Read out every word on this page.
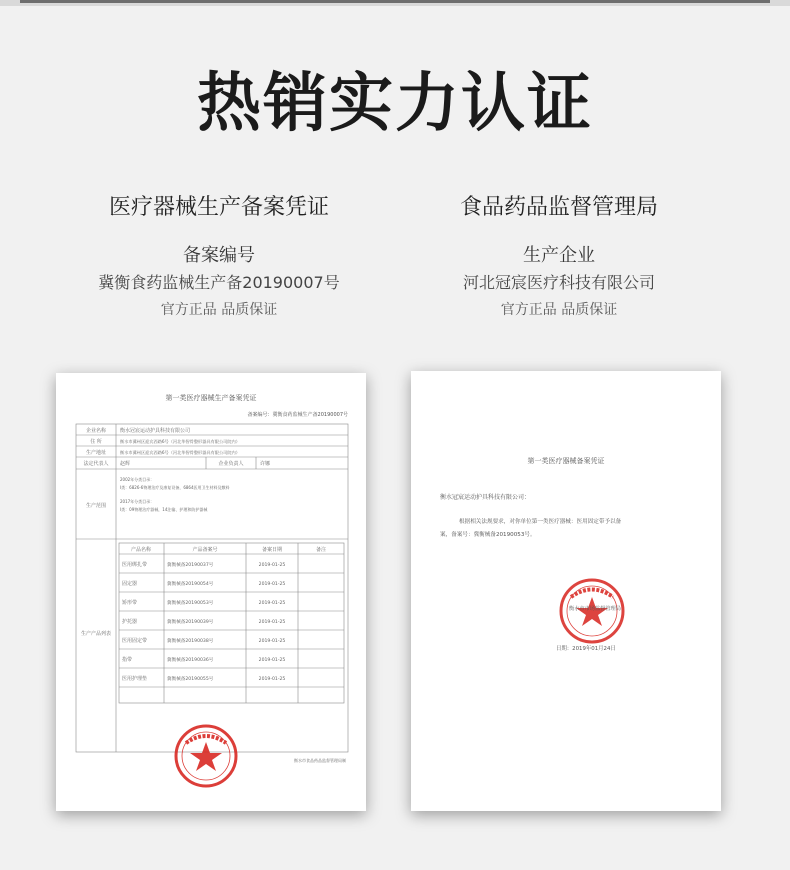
热销实力认证
医疗器械生产备案凭证
备案编号
冀衡食药监械生产备20190007号
官方正品 品质保证
食品药品监督管理局
生产企业
河北冠宸医疗科技有限公司
官方正品 品质保证
第一类医疗器械生产备案凭证
备案编号：冀衡食药监械生产备20190007号
企业名称	衡水冠宸运动护具科技有限公司
住 所	衡水市冀州区迎宾西路6号（河北华智骨整形器具有限公司院内）
生产地址	衡水市冀州区迎宾西路6号（河北华智骨整形器具有限公司院内）
法定代表人 赵辉	企业负责人	许娜
生产范围
2002年分类目录：
Ⅰ类：6826-6物理治疗及康复设备，6864医用卫生材料及敷料
2017年分类目录：
Ⅰ类：09物理治疗器械，14注输、护理和防护器械
生产产品列表
产品名称	产品备案号	备案日期	备注
医用绑扎带	冀衡械备20190037号	2019-01-25
固定器	冀衡械备20190054号	2019-01-25
矫形带	冀衡械备20190053号	2019-01-25
护托器	冀衡械备20190039号	2019-01-25
医用固定带	冀衡械备20190038号	2019-01-25
指带	冀衡械备20190036号	2019-01-25
医用护理垫	冀衡械备20190055号	2019-01-25
衡水市食品药品监督管理局制
第一类医疗器械备案凭证
衡水冠宸运动护具科技有限公司：
根据相关法规要求，对你单位第一类医疗器械：医用固定带予以备
案，备案号：冀衡械备20190053号。
衡水市市场监督管理局
日期：2019年01月24日
